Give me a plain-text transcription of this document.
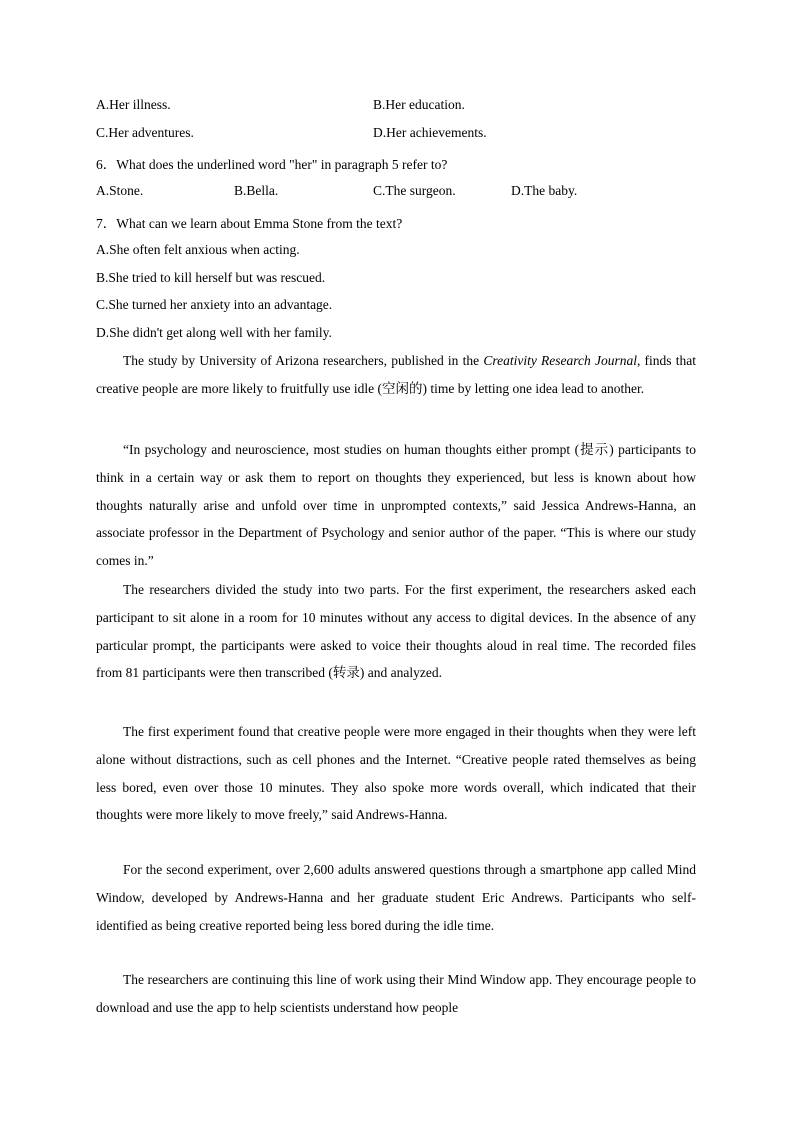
A.Her illness.	B.Her education.
C.Her adventures.	D.Her achievements.
6．What does the underlined word "her" in paragraph 5 refer to?
A.Stone.	B.Bella.	C.The surgeon.	D.The baby.
7．What can we learn about Emma Stone from the text?
A.She often felt anxious when acting.
B.She tried to kill herself but was rescued.
C.She turned her anxiety into an advantage.
D.She didn't get along well with her family.
The study by University of Arizona researchers, published in the Creativity Research Journal, finds that creative people are more likely to fruitfully use idle (空闲的) time by letting one idea lead to another.
“In psychology and neuroscience, most studies on human thoughts either prompt (提示) participants to think in a certain way or ask them to report on thoughts they experienced, but less is known about how thoughts naturally arise and unfold over time in unprompted contexts,” said Jessica Andrews-Hanna, an associate professor in the Department of Psychology and senior author of the paper. “This is where our study comes in.”
The researchers divided the study into two parts. For the first experiment, the researchers asked each participant to sit alone in a room for 10 minutes without any access to digital devices. In the absence of any particular prompt, the participants were asked to voice their thoughts aloud in real time. The recorded files from 81 participants were then transcribed (转录) and analyzed.
The first experiment found that creative people were more engaged in their thoughts when they were left alone without distractions, such as cell phones and the Internet. “Creative people rated themselves as being less bored, even over those 10 minutes. They also spoke more words overall, which indicated that their thoughts were more likely to move freely,” said Andrews-Hanna.
For the second experiment, over 2,600 adults answered questions through a smartphone app called Mind Window, developed by Andrews-Hanna and her graduate student Eric Andrews. Participants who self-identified as being creative reported being less bored during the idle time.
The researchers are continuing this line of work using their Mind Window app. They encourage people to download and use the app to help scientists understand how people
